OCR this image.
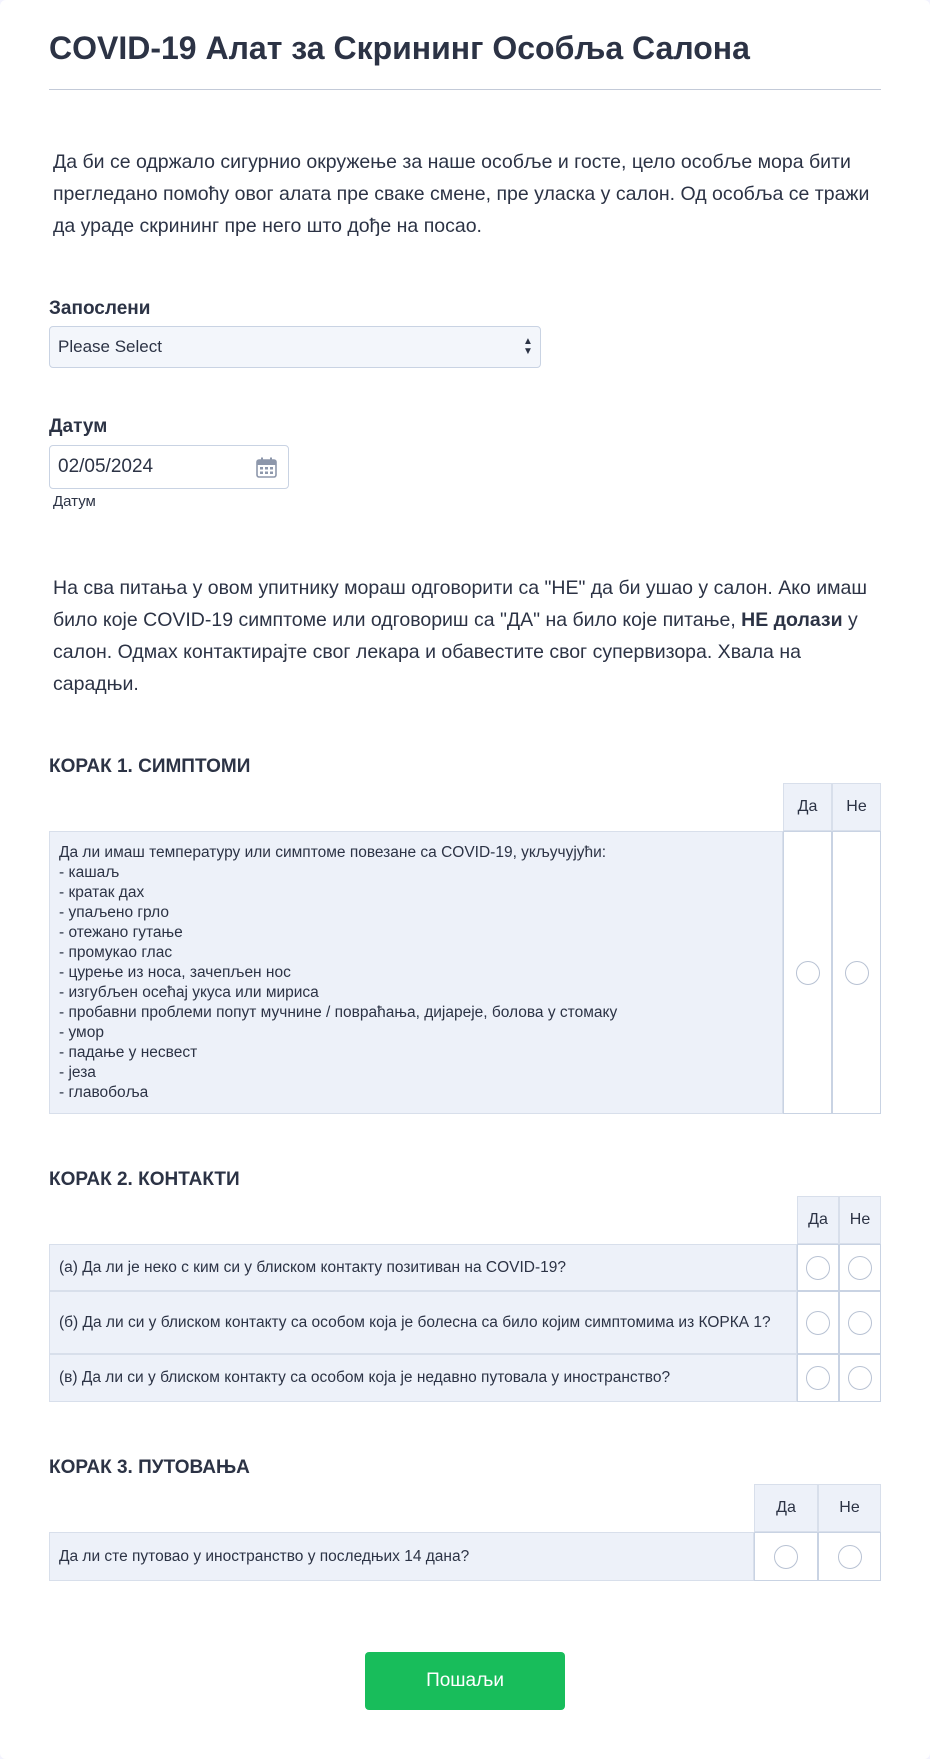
COVID-19 Алат за Скрининг Особља Салона

Да би се одржало сигурнио окружење за наше особље и госте, цело особље мора бити прегледано помоћу овог алата пре сваке смене, пре уласка у салон. Од особља се тражи да ураде скрининг пре него што дође на посао.

Запослени
Please Select	▲
▼
Датум
02/05/2024
Датум

На сва питања у овом упитнику мораш одговорити са "НЕ" да би ушао у салон. Ако имаш било које COVID-19 симптоме или одговориш са "ДА" на било које питање, НЕ долази у салон. Одмах контактирајте свог лекара и обавестите свог супервизора. Хвала на сарадњи.

КОРАК 1. СИМПТОМИ
Да	Не
Да ли имаш температуру или симптоме повезане са COVID-19, укључујући:
- кашаљ
- кратак дах
- упаљено грло
- отежано гутање
- промукао глас
- цурење из носа, зачепљен нос
- изгубљен осећај укуса или мириса
- пробавни проблеми попут мучнине / повраћања, дијареје, болова у стомаку
- умор
- падање у несвест
- језа
- главобоља
КОРАК 2. КОНТАКТИ
Да	Не
(а) Да ли је неко с ким си у блиском контакту позитиван на COVID-19?
(б) Да ли си у блиском контакту са особом која је болесна са било којим симптомима из КОРКА 1?
(в) Да ли си у блиском контакту са особом која је недавно путовала у иностранство?
КОРАК 3. ПУТОВАЊА
Да	Не
Да ли сте путовао у иностранство у последњих 14 дана?
Пошаљи
